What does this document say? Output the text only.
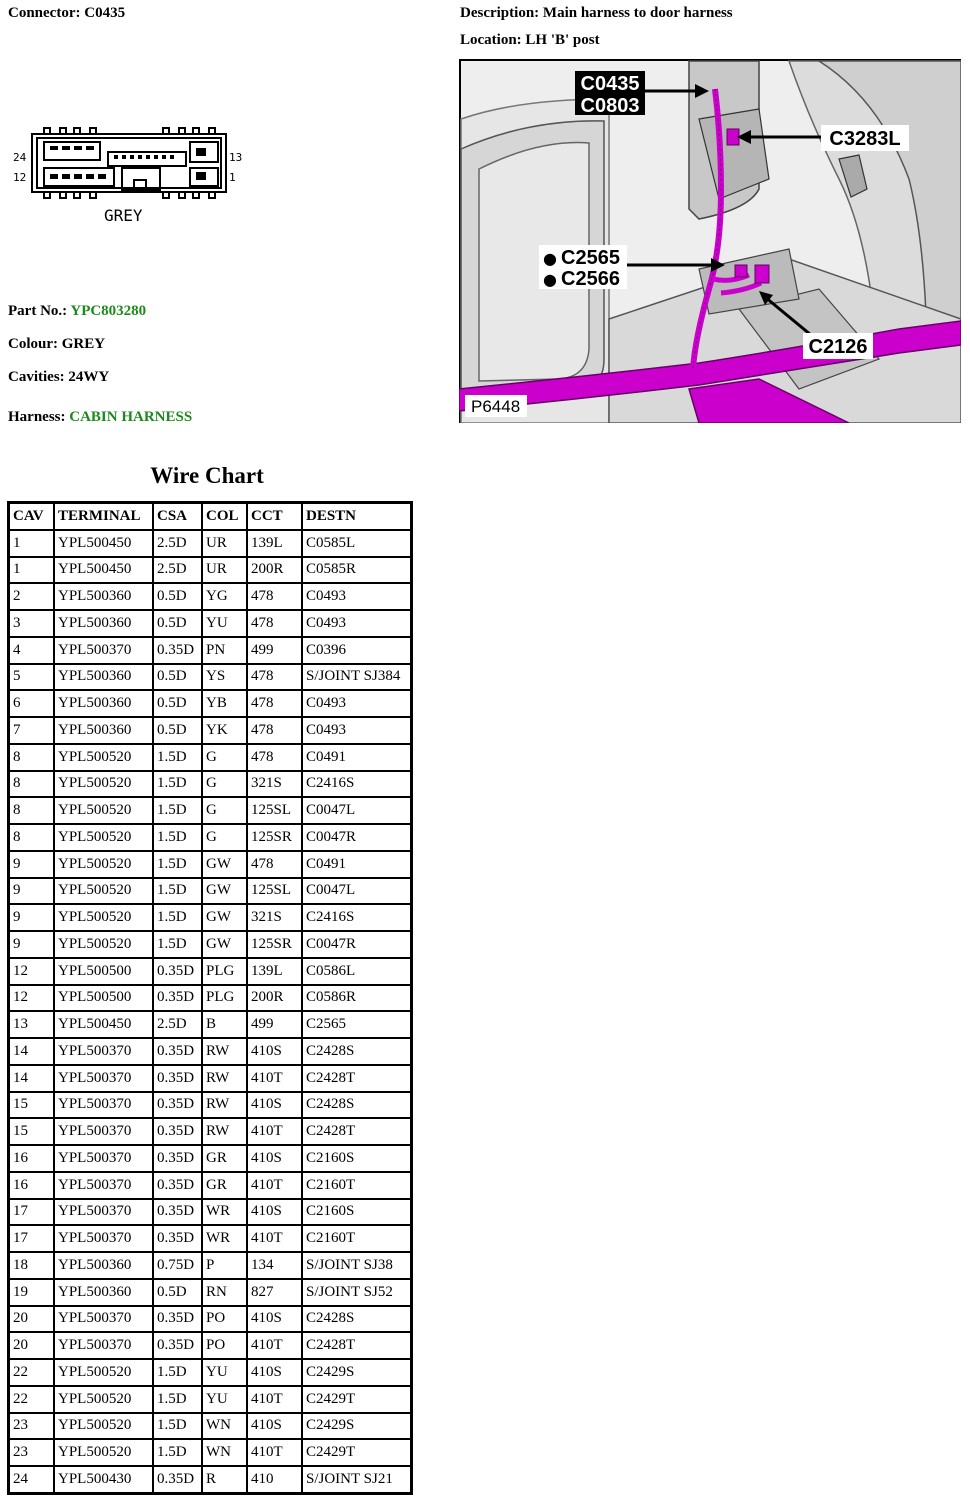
Connector: C0435	Description: Main harness to door harness
Location: LH 'B' post
24
12
13
1
GREY
Part No.: YPC803280
Colour: GREY
Cavities: 24WY
Harness: CABIN HARNESS
C0435
C0803
C3283L
● C2565
● C2566
C2126
P6448
Wire Chart
CAV	TERMINAL	CSA	COL	CCT	DESTN
1	YPL500450	2.5D	UR	139L	C0585L
1	YPL500450	2.5D	UR	200R	C0585R
2	YPL500360	0.5D	YG	478	C0493
3	YPL500360	0.5D	YU	478	C0493
4	YPL500370	0.35D	PN	499	C0396
5	YPL500360	0.5D	YS	478	S/JOINT SJ384
6	YPL500360	0.5D	YB	478	C0493
7	YPL500360	0.5D	YK	478	C0493
8	YPL500520	1.5D	G	478	C0491
8	YPL500520	1.5D	G	321S	C2416S
8	YPL500520	1.5D	G	125SL	C0047L
8	YPL500520	1.5D	G	125SR	C0047R
9	YPL500520	1.5D	GW	478	C0491
9	YPL500520	1.5D	GW	125SL	C0047L
9	YPL500520	1.5D	GW	321S	C2416S
9	YPL500520	1.5D	GW	125SR	C0047R
12	YPL500500	0.35D	PLG	139L	C0586L
12	YPL500500	0.35D	PLG	200R	C0586R
13	YPL500450	2.5D	B	499	C2565
14	YPL500370	0.35D	RW	410S	C2428S
14	YPL500370	0.35D	RW	410T	C2428T
15	YPL500370	0.35D	RW	410S	C2428S
15	YPL500370	0.35D	RW	410T	C2428T
16	YPL500370	0.35D	GR	410S	C2160S
16	YPL500370	0.35D	GR	410T	C2160T
17	YPL500370	0.35D	WR	410S	C2160S
17	YPL500370	0.35D	WR	410T	C2160T
18	YPL500360	0.75D	P	134	S/JOINT SJ38
19	YPL500360	0.5D	RN	827	S/JOINT SJ52
20	YPL500370	0.35D	PO	410S	C2428S
20	YPL500370	0.35D	PO	410T	C2428T
22	YPL500520	1.5D	YU	410S	C2429S
22	YPL500520	1.5D	YU	410T	C2429T
23	YPL500520	1.5D	WN	410S	C2429S
23	YPL500520	1.5D	WN	410T	C2429T
24	YPL500430	0.35D	R	410	S/JOINT SJ21
